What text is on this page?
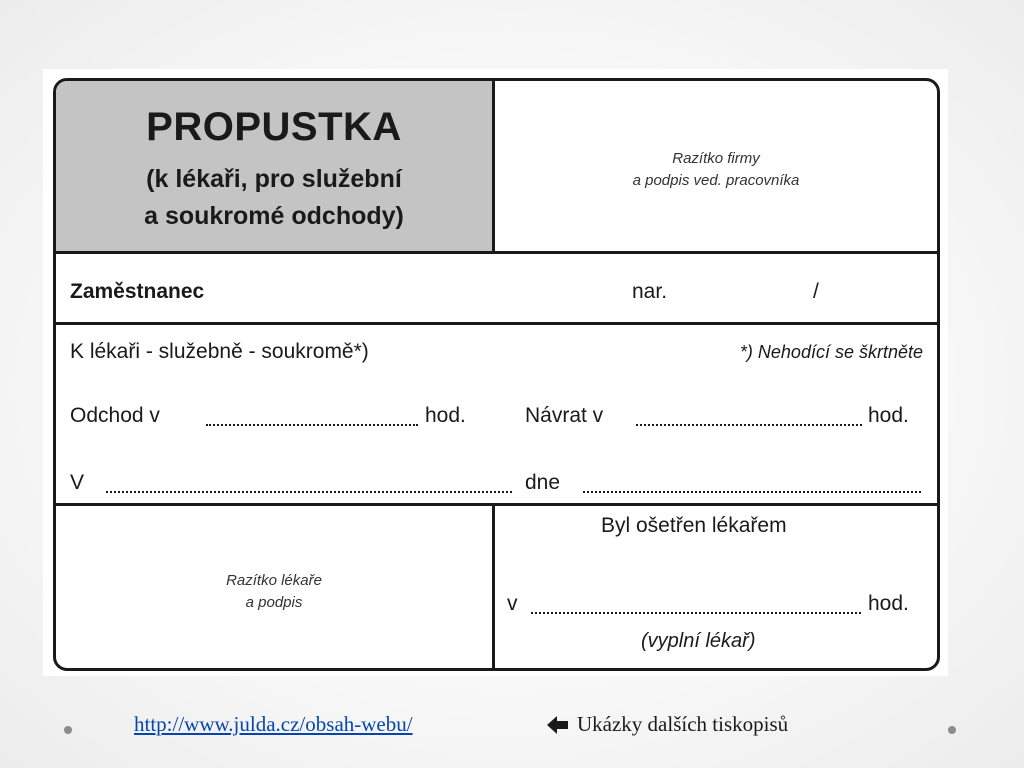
PROPUSTKA
(k lékaři, pro služební
a soukromé odchody)
Razítko firmy
a podpis ved. pracovníka
Zaměstnanec	nar.	/
K lékaři - služebně - soukromě*)	*) Nehodící se škrtněte
Odchod v	hod.	Návrat v	hod.
V	dne
Razítko lékaře
a podpis
Byl ošetřen lékařem
v	hod.
(vyplní lékař)
http://www.julda.cz/obsah-webu/	Ukázky dalších tiskopisů
